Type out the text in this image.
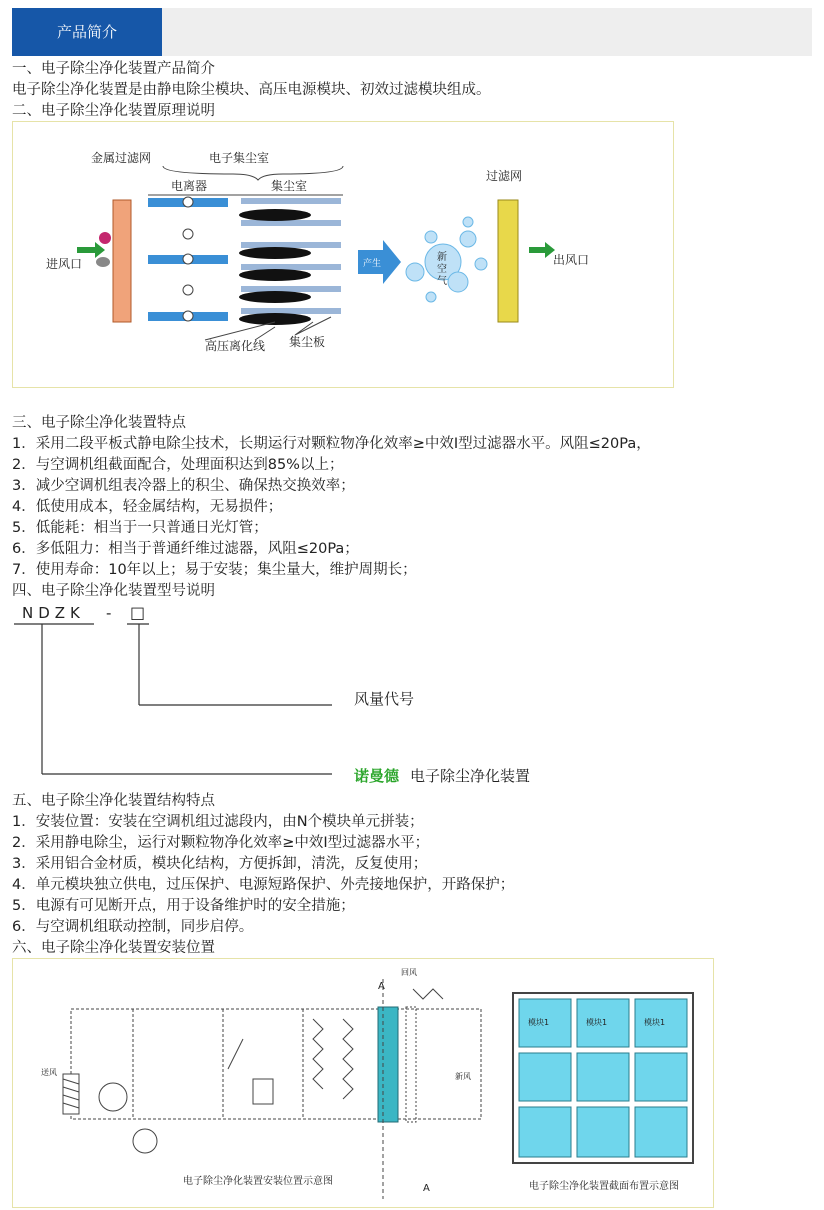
产品简介
一、电子除尘净化装置产品简介
电子除尘净化装置是由静电除尘模块、高压电源模块、初效过滤模块组成。
二、电子除尘净化装置原理说明
金属过滤网	电子集尘室
电离器	集尘室
进风口
高压离化线 集尘板
产生
新
空
气
过滤网
出风口
三、电子除尘净化装置特点
1．采用二段平板式静电除尘技术，长期运行对颗粒物净化效率≥中效I型过滤器水平。风阻≤20Pa，
2．与空调机组截面配合，处理面积达到85%以上；
3．减少空调机组表冷器上的积尘、确保热交换效率；
4．低使用成本，轻金属结构，无易损件；
5．低能耗：相当于一只普通日光灯管；
6．多低阻力：相当于普通纤维过滤器，风阻≤20Pa；
7．使用寿命：10年以上；易于安装；集尘量大，维护周期长；
四、电子除尘净化装置型号说明
NDZK - □
风量代号
诺曼德 电子除尘净化装置
五、电子除尘净化装置结构特点
1．安装位置：安装在空调机组过滤段内，由N个模块单元拼装；
2．采用静电除尘，运行对颗粒物净化效率≥中效I型过滤器水平；
3．采用铝合金材质，模块化结构，方便拆卸，清洗，反复使用；
4．单元模块独立供电，过压保护、电源短路保护、外壳接地保护，开路保护；
5．电源有可见断开点，用于设备维护时的安全措施；
6．与空调机组联动控制，同步启停。
六、电子除尘净化装置安装位置
送风
回风
A
A
新风
电子除尘净化装置安装位置示意图
模块1	模块1	模块1
电子除尘净化装置截面布置示意图
